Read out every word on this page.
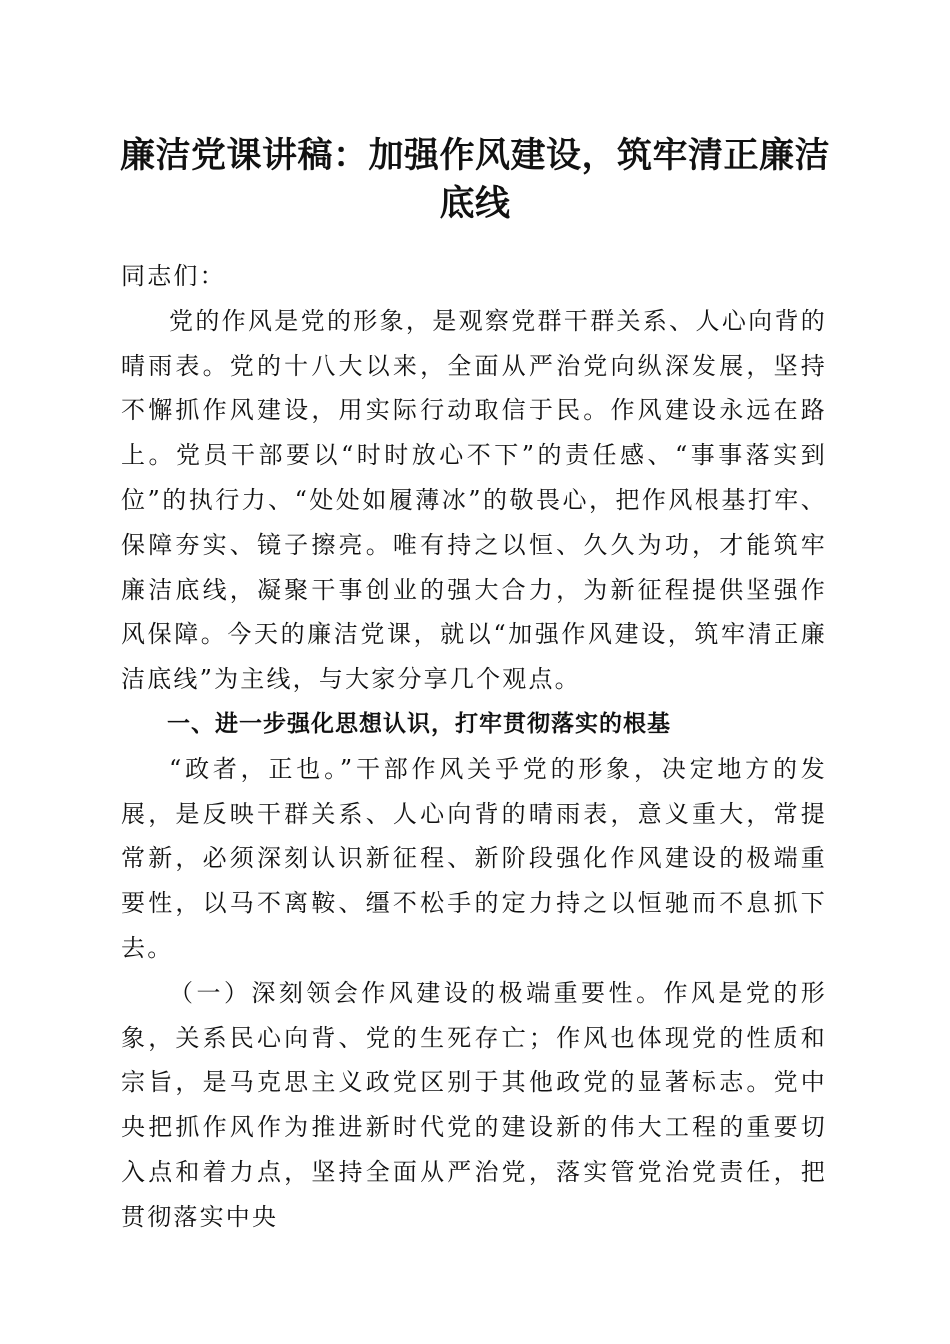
廉洁党课讲稿：加强作风建设，筑牢清正廉洁底线

同志们：

党的作风是党的形象，是观察党群干群关系、人心向背的晴雨表。党的十八大以来，全面从严治党向纵深发展，坚持不懈抓作风建设，用实际行动取信于民。作风建设永远在路上。党员干部要以“时时放心不下”的责任感、“事事落实到位”的执行力、“处处如履薄冰”的敬畏心，把作风根基打牢、保障夯实、镜子擦亮。唯有持之以恒、久久为功，才能筑牢廉洁底线，凝聚干事创业的强大合力，为新征程提供坚强作风保障。今天的廉洁党课，就以“加强作风建设，筑牢清正廉洁底线”为主线，与大家分享几个观点。

一、进一步强化思想认识，打牢贯彻落实的根基

“政者，正也。”干部作风关乎党的形象，决定地方的发展，是反映干群关系、人心向背的晴雨表，意义重大，常提常新，必须深刻认识新征程、新阶段强化作风建设的极端重要性，以马不离鞍、缰不松手的定力持之以恒驰而不息抓下去。

（一）深刻领会作风建设的极端重要性。作风是党的形象，关系民心向背、党的生死存亡；作风也体现党的性质和宗旨，是马克思主义政党区别于其他政党的显著标志。党中央把抓作风作为推进新时代党的建设新的伟大工程的重要切入点和着力点，坚持全面从严治党，落实管党治党责任，把贯彻落实中央
